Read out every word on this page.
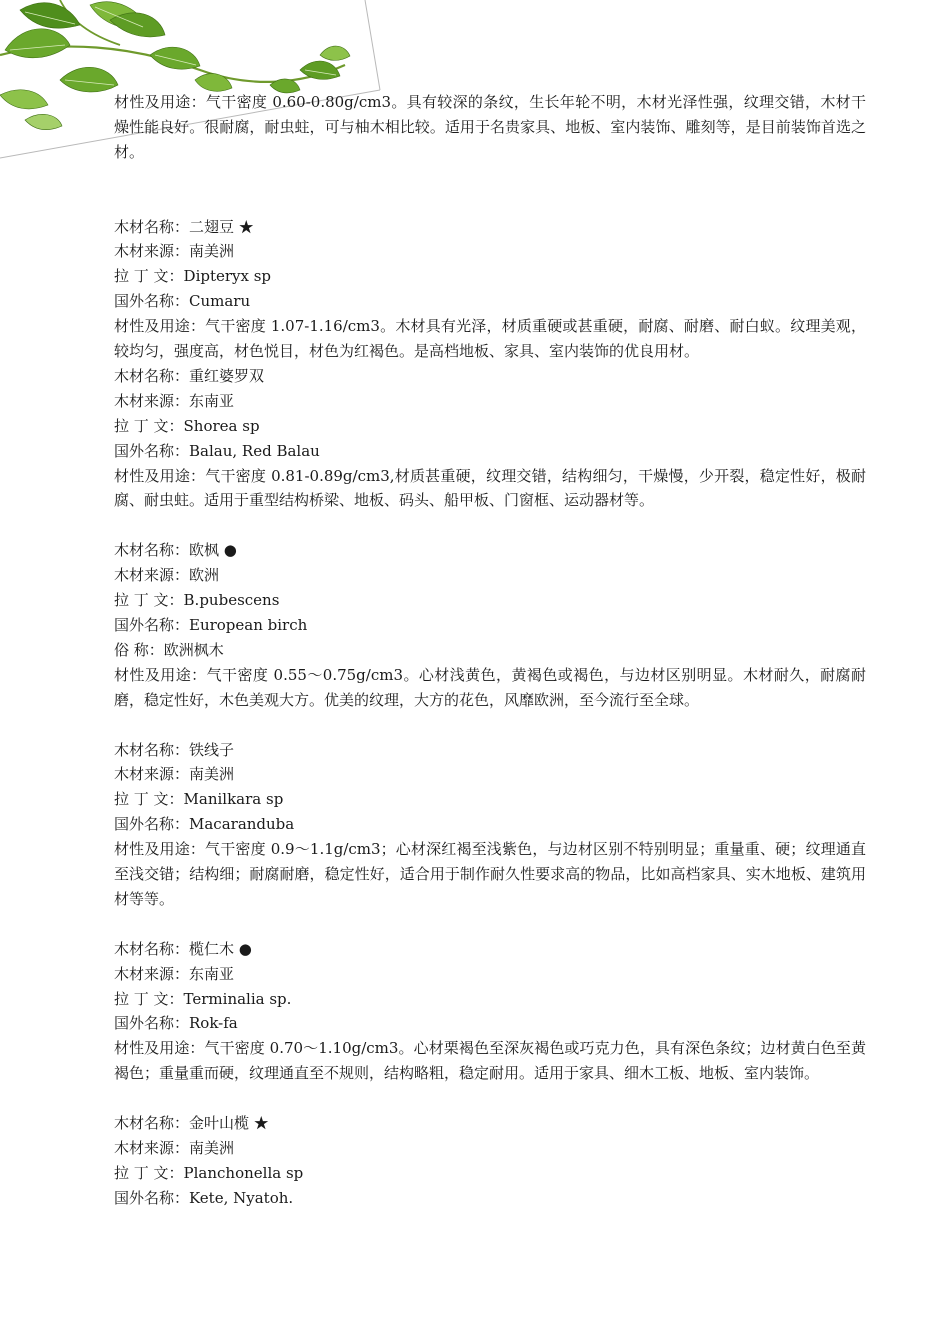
材性及用途：气干密度 0.60-0.80g/cm3。具有较深的条纹，生长年轮不明，木材光泽性强，纹理交错，木材干燥性能良好。很耐腐，耐虫蛀，可与柚木相比较。适用于名贵家具、地板、室内装饰、雕刻等，是目前装饰首选之材。

木材名称：二翅豆 ★

木材来源：南美洲

拉 丁 文：Dipteryx sp

国外名称：Cumaru

材性及用途：气干密度 1.07-1.16/cm3。木材具有光泽，材质重硬或甚重硬，耐腐、耐磨、耐白蚁。纹理美观，较均匀，强度高，材色悦目，材色为红褐色。是高档地板、家具、室内装饰的优良用材。

木材名称：重红婆罗双

木材来源：东南亚

拉 丁 文：Shorea sp

国外名称：Balau, Red Balau

材性及用途：气干密度 0.81-0.89g/cm3,材质甚重硬，纹理交错，结构细匀，干燥慢，少开裂，稳定性好，极耐腐、耐虫蛀。适用于重型结构桥梁、地板、码头、船甲板、门窗框、运动器材等。

木材名称：欧枫 ●

木材来源：欧洲

拉 丁 文：B.pubescens

国外名称：European birch

俗 称：欧洲枫木

材性及用途：气干密度 0.55～0.75g/cm3。心材浅黄色，黄褐色或褐色，与边材区别明显。木材耐久，耐腐耐磨，稳定性好，木色美观大方。优美的纹理，大方的花色，风靡欧洲，至今流行至全球。

木材名称：铁线子

木材来源：南美洲

拉 丁 文：Manilkara sp

国外名称：Macaranduba

材性及用途：气干密度 0.9～1.1g/cm3；心材深红褐至浅紫色，与边材区别不特别明显；重量重、硬；纹理通直至浅交错；结构细；耐腐耐磨，稳定性好，适合用于制作耐久性要求高的物品，比如高档家具、实木地板、建筑用材等等。

木材名称：榄仁木 ●

木材来源：东南亚

拉 丁 文：Terminalia sp.

国外名称：Rok-fa

材性及用途：气干密度 0.70～1.10g/cm3。心材栗褐色至深灰褐色或巧克力色，具有深色条纹；边材黄白色至黄褐色；重量重而硬，纹理通直至不规则，结构略粗，稳定耐用。适用于家具、细木工板、地板、室内装饰。

木材名称：金叶山榄 ★

木材来源：南美洲

拉 丁 文：Planchonella sp

国外名称：Kete, Nyatoh.
